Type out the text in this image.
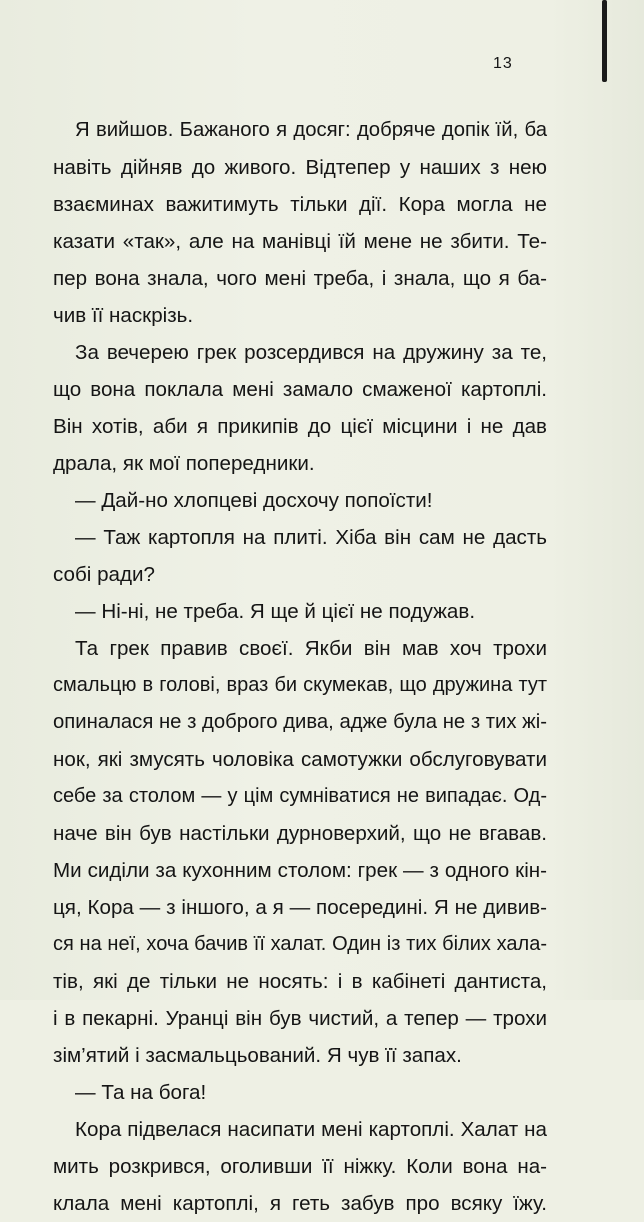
13
Я вийшов. Бажаного я досяг: добряче допік їй, ба
навіть дійняв до живого. Відтепер у наших з нею
взаєминах важитимуть тільки дії. Кора могла не
казати «так», але на манівці їй мене не збити. Те-
пер вона знала, чого мені треба, і знала, що я ба-
чив її наскрізь.
За вечерею грек розсердився на дружину за те,
що вона поклала мені замало смаженої картоплі.
Він хотів, аби я прикипів до цієї місцини і не дав
драла, як мої попередники.
— Дай-но хлопцеві досхочу попоїсти!
— Таж картопля на плиті. Хіба він сам не дасть
собі ради?
— Ні-ні, не треба. Я ще й цієї не подужав.
Та грек правив своєї. Якби він мав хоч трохи
смальцю в голові, враз би скумекав, що дружина тут
опиналася не з доброго дива, адже була не з тих жі-
нок, які змусять чоловіка самотужки обслуговувати
себе за столом — у цім сумніватися не випадає. Од-
наче він був настільки дурноверхий, що не вгавав.
Ми сиділи за кухонним столом: грек — з одного кін-
ця, Кора — з іншого, а я — посередині. Я не дивив-
ся на неї, хоча бачив її халат. Один із тих білих хала-
тів, які де тільки не носять: і в кабінеті дантиста,
і в пекарні. Уранці він був чистий, а тепер — трохи
зім’ятий і засмальцьований. Я чув її запах.
— Та на бога!
Кора підвелася насипати мені картоплі. Халат на
мить розкрився, оголивши її ніжку. Коли вона на-
клала мені картоплі, я геть забув про всяку їжу.
